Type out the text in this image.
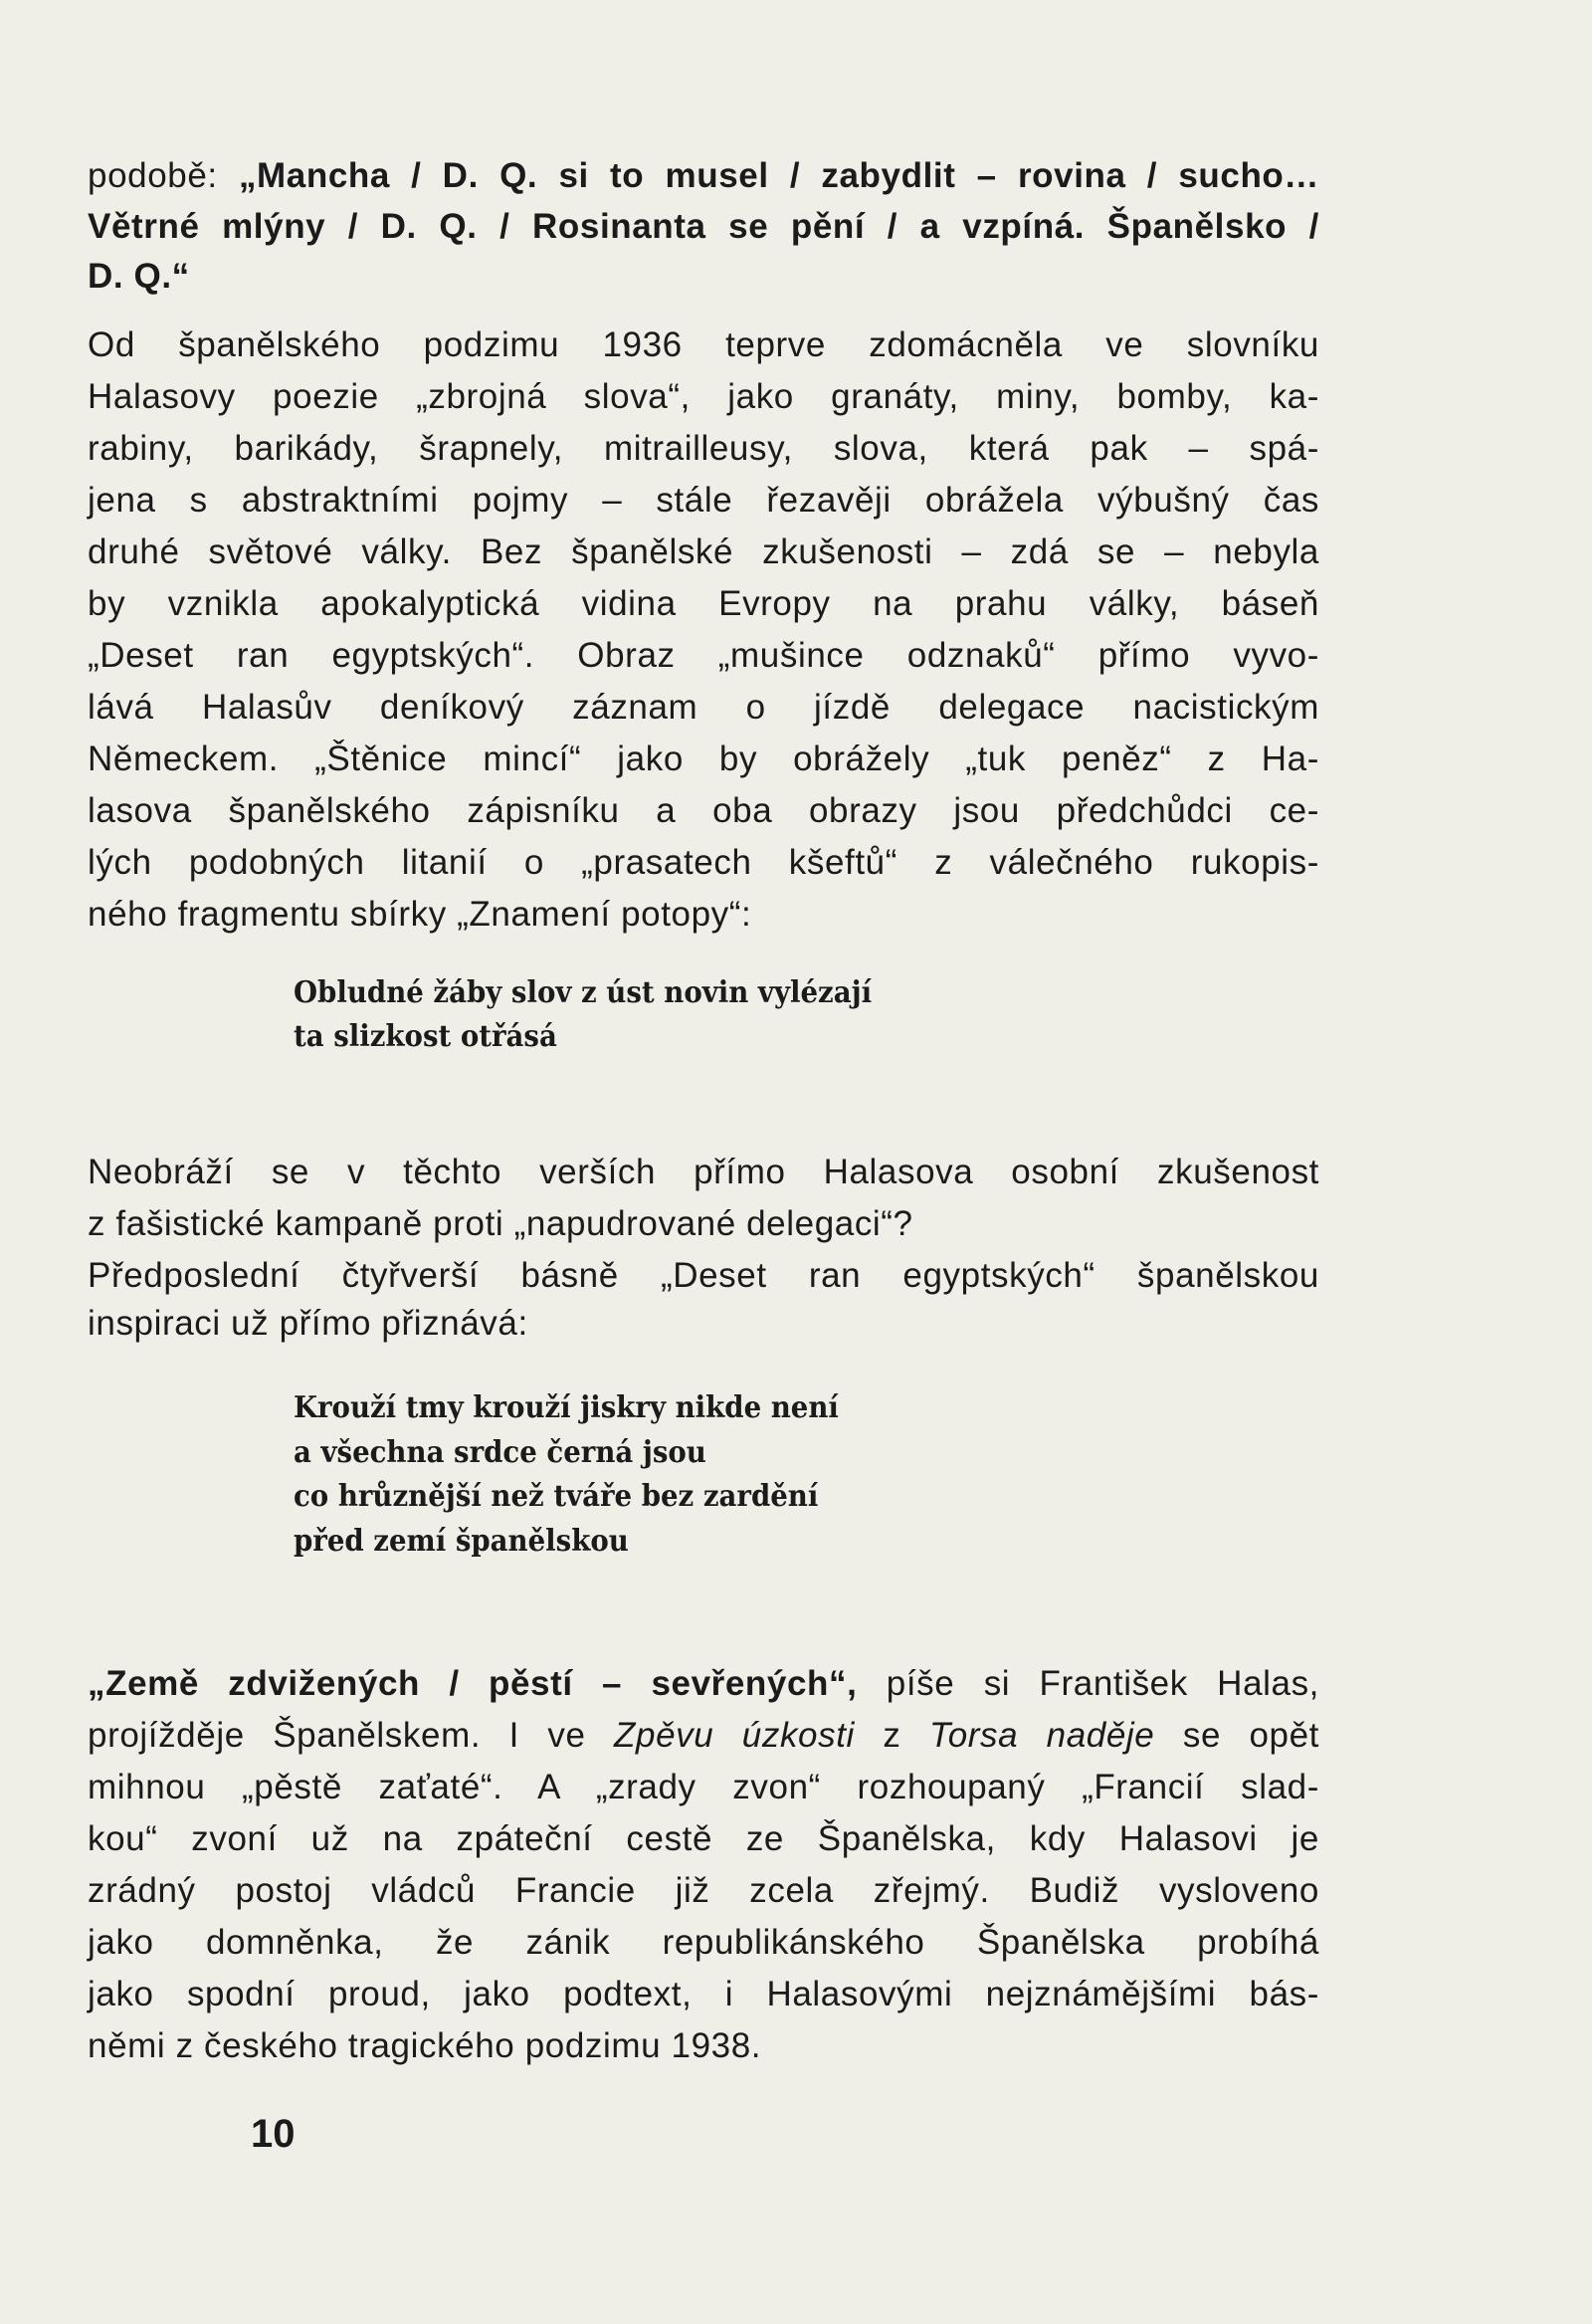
podobě: „Mancha / D. Q. si to musel / zabydlit – rovina / sucho…
Větrné mlýny / D. Q. / Rosinanta se pění / a vzpíná. Španělsko /
D. Q.“
Od španělského podzimu 1936 teprve zdomácněla ve slovníku
Halasovy poezie „zbrojná slova“, jako granáty, miny, bomby, ka-
rabiny, barikády, šrapnely, mitrailleusy, slova, která pak – spá-
jena s abstraktními pojmy – stále řezavěji obrážela výbušný čas
druhé světové války. Bez španělské zkušenosti – zdá se – nebyla
by vznikla apokalyptická vidina Evropy na prahu války, báseň
„Deset ran egyptských“. Obraz „mušince odznaků“ přímo vyvo-
lává Halasův deníkový záznam o jízdě delegace nacistickým
Německem. „Štěnice mincí“ jako by obrážely „tuk peněz“ z Ha-
lasova španělského zápisníku a oba obrazy jsou předchůdci ce-
lých podobných litanií o „prasatech kšeftů“ z válečného rukopis-
ného fragmentu sbírky „Znamení potopy“:
Obludné žáby slov z úst novin vylézají
ta slizkost otřásá
Neobráží se v těchto verších přímo Halasova osobní zkušenost
z fašistické kampaně proti „napudrované delegaci“?
Předposlední čtyřverší básně „Deset ran egyptských“ španělskou
inspiraci už přímo přiznává:
Krouží tmy krouží jiskry nikde není
a všechna srdce černá jsou
co hrůznější než tváře bez zardění
před zemí španělskou
„Země zdvižených / pěstí – sevřených“, píše si František Halas,
projížděje Španělskem. I ve Zpěvu úzkosti z Torsa naděje se opět
mihnou „pěstě zaťaté“. A „zrady zvon“ rozhoupaný „Francií slad-
kou“ zvoní už na zpáteční cestě ze Španělska, kdy Halasovi je
zrádný postoj vládců Francie již zcela zřejmý. Budiž vysloveno
jako domněnka, že zánik republikánského Španělska probíhá
jako spodní proud, jako podtext, i Halasovými nejznámějšími bás-
němi z českého tragického podzimu 1938.
10
